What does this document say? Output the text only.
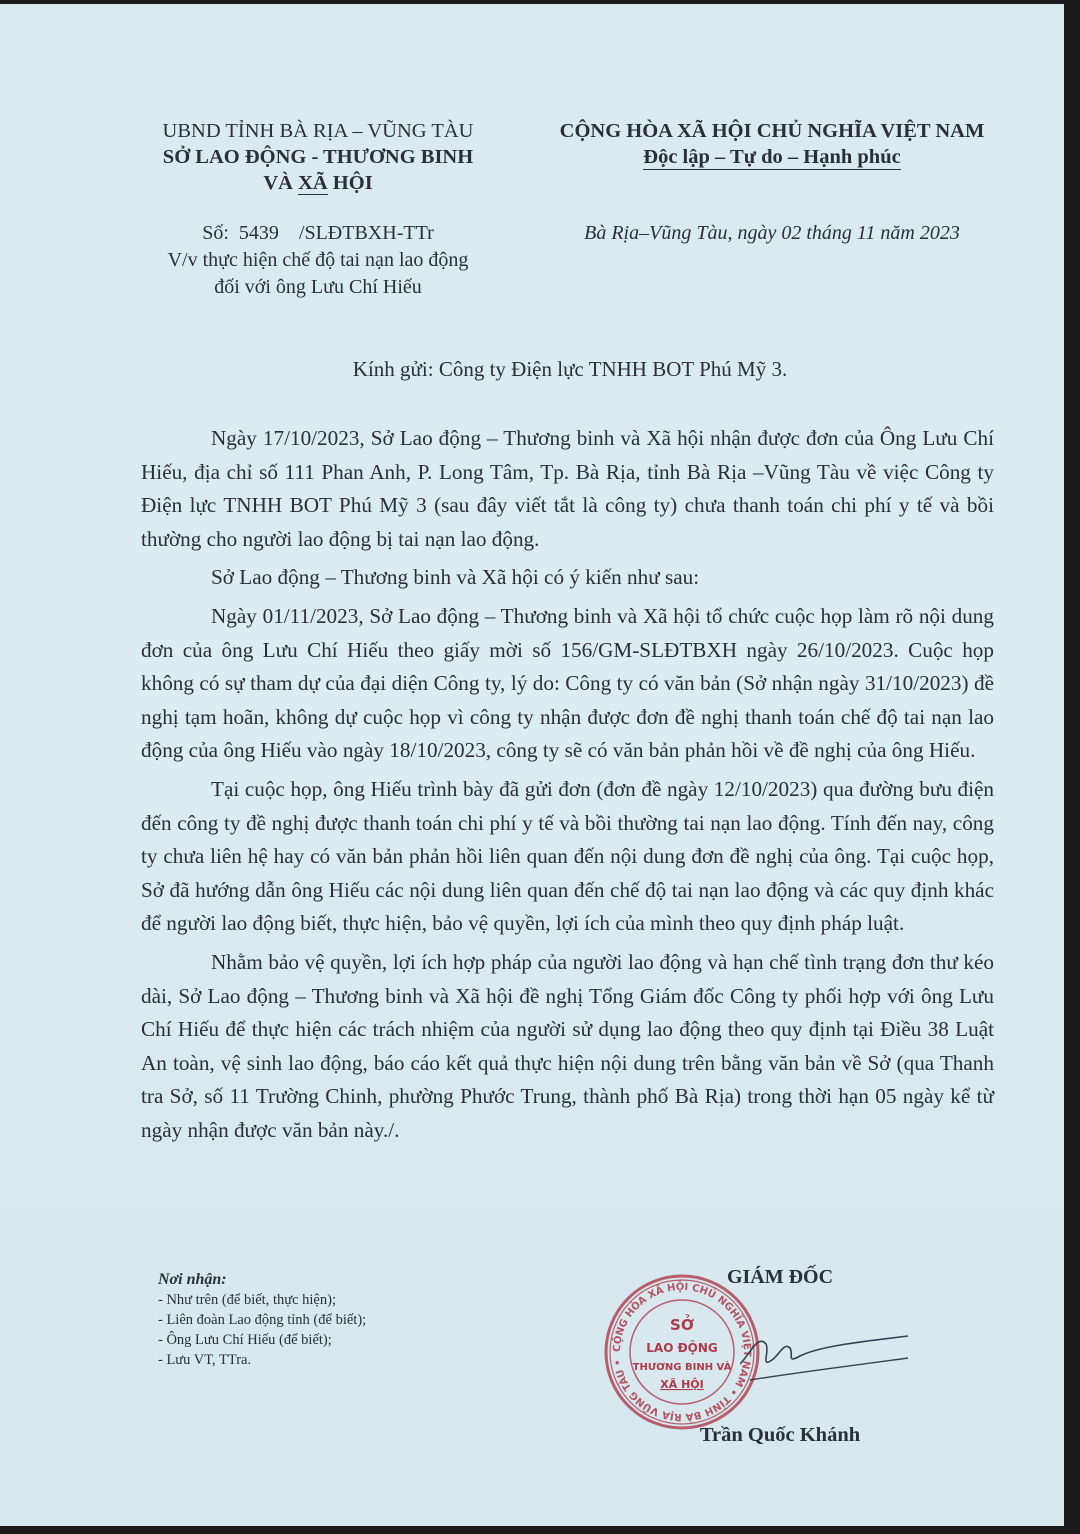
UBND TỈNH BÀ RỊA – VŨNG TÀU
SỞ LAO ĐỘNG - THƯƠNG BINH
VÀ XÃ HỘI
CỘNG HÒA XÃ HỘI CHỦ NGHĨA VIỆT NAM
Độc lập – Tự do – Hạnh phúc
Số:  5439    /SLĐTBXH-TTr
V/v thực hiện chế độ tai nạn lao động
đối với ông Lưu Chí Hiếu
Bà Rịa–Vũng Tàu, ngày 02 tháng 11 năm 2023
Kính gửi: Công ty Điện lực TNHH BOT Phú Mỹ 3.

Ngày 17/10/2023, Sở Lao động – Thương binh và Xã hội nhận được đơn của Ông Lưu Chí Hiếu, địa chỉ số 111 Phan Anh, P. Long Tâm, Tp. Bà Rịa, tỉnh Bà Rịa –Vũng Tàu về việc Công ty Điện lực TNHH BOT Phú Mỹ 3 (sau đây viết tắt là công ty) chưa thanh toán chi phí y tế và bồi thường cho người lao động bị tai nạn lao động.

Sở Lao động – Thương binh và Xã hội có ý kiến như sau:

Ngày 01/11/2023, Sở Lao động – Thương binh và Xã hội tổ chức cuộc họp làm rõ nội dung đơn của ông Lưu Chí Hiếu theo giấy mời số 156/GM-SLĐTBXH ngày 26/10/2023. Cuộc họp không có sự tham dự của đại diện Công ty, lý do: Công ty có văn bản (Sở nhận ngày 31/10/2023) đề nghị tạm hoãn, không dự cuộc họp vì công ty nhận được đơn đề nghị thanh toán chế độ tai nạn lao động của ông Hiếu vào ngày 18/10/2023, công ty sẽ có văn bản phản hồi về đề nghị của ông Hiếu.

Tại cuộc họp, ông Hiếu trình bày đã gửi đơn (đơn đề ngày 12/10/2023) qua đường bưu điện đến công ty đề nghị được thanh toán chi phí y tế và bồi thường tai nạn lao động. Tính đến nay, công ty chưa liên hệ hay có văn bản phản hồi liên quan đến nội dung đơn đề nghị của ông. Tại cuộc họp, Sở đã hướng dẫn ông Hiếu các nội dung liên quan đến chế độ tai nạn lao động và các quy định khác để người lao động biết, thực hiện, bảo vệ quyền, lợi ích của mình theo quy định pháp luật.

Nhằm bảo vệ quyền, lợi ích hợp pháp của người lao động và hạn chế tình trạng đơn thư kéo dài, Sở Lao động – Thương binh và Xã hội đề nghị Tổng Giám đốc Công ty phối hợp với ông Lưu Chí Hiếu để thực hiện các trách nhiệm của người sử dụng lao động theo quy định tại Điều 38 Luật An toàn, vệ sinh lao động, báo cáo kết quả thực hiện nội dung trên bằng văn bản về Sở (qua Thanh tra Sở, số 11 Trường Chinh, phường Phước Trung, thành phố Bà Rịa) trong thời hạn 05 ngày kể từ ngày nhận được văn bản này./.

Nơi nhận:
- Như trên (để biết, thực hiện);
- Liên đoàn Lao động tỉnh (để biết);
- Ông Lưu Chí Hiếu (để biết);
- Lưu VT, TTra.
CỘNG HÒA XÃ HỘI CHỦ NGHĨA VIỆT NAM • TỈNH BÀ RỊA VŨNG TÀU •
SỞ
LAO ĐỘNG
THƯƠNG BINH VÀ
XÃ HỘI
GIÁM ĐỐC
Trần Quốc Khánh
